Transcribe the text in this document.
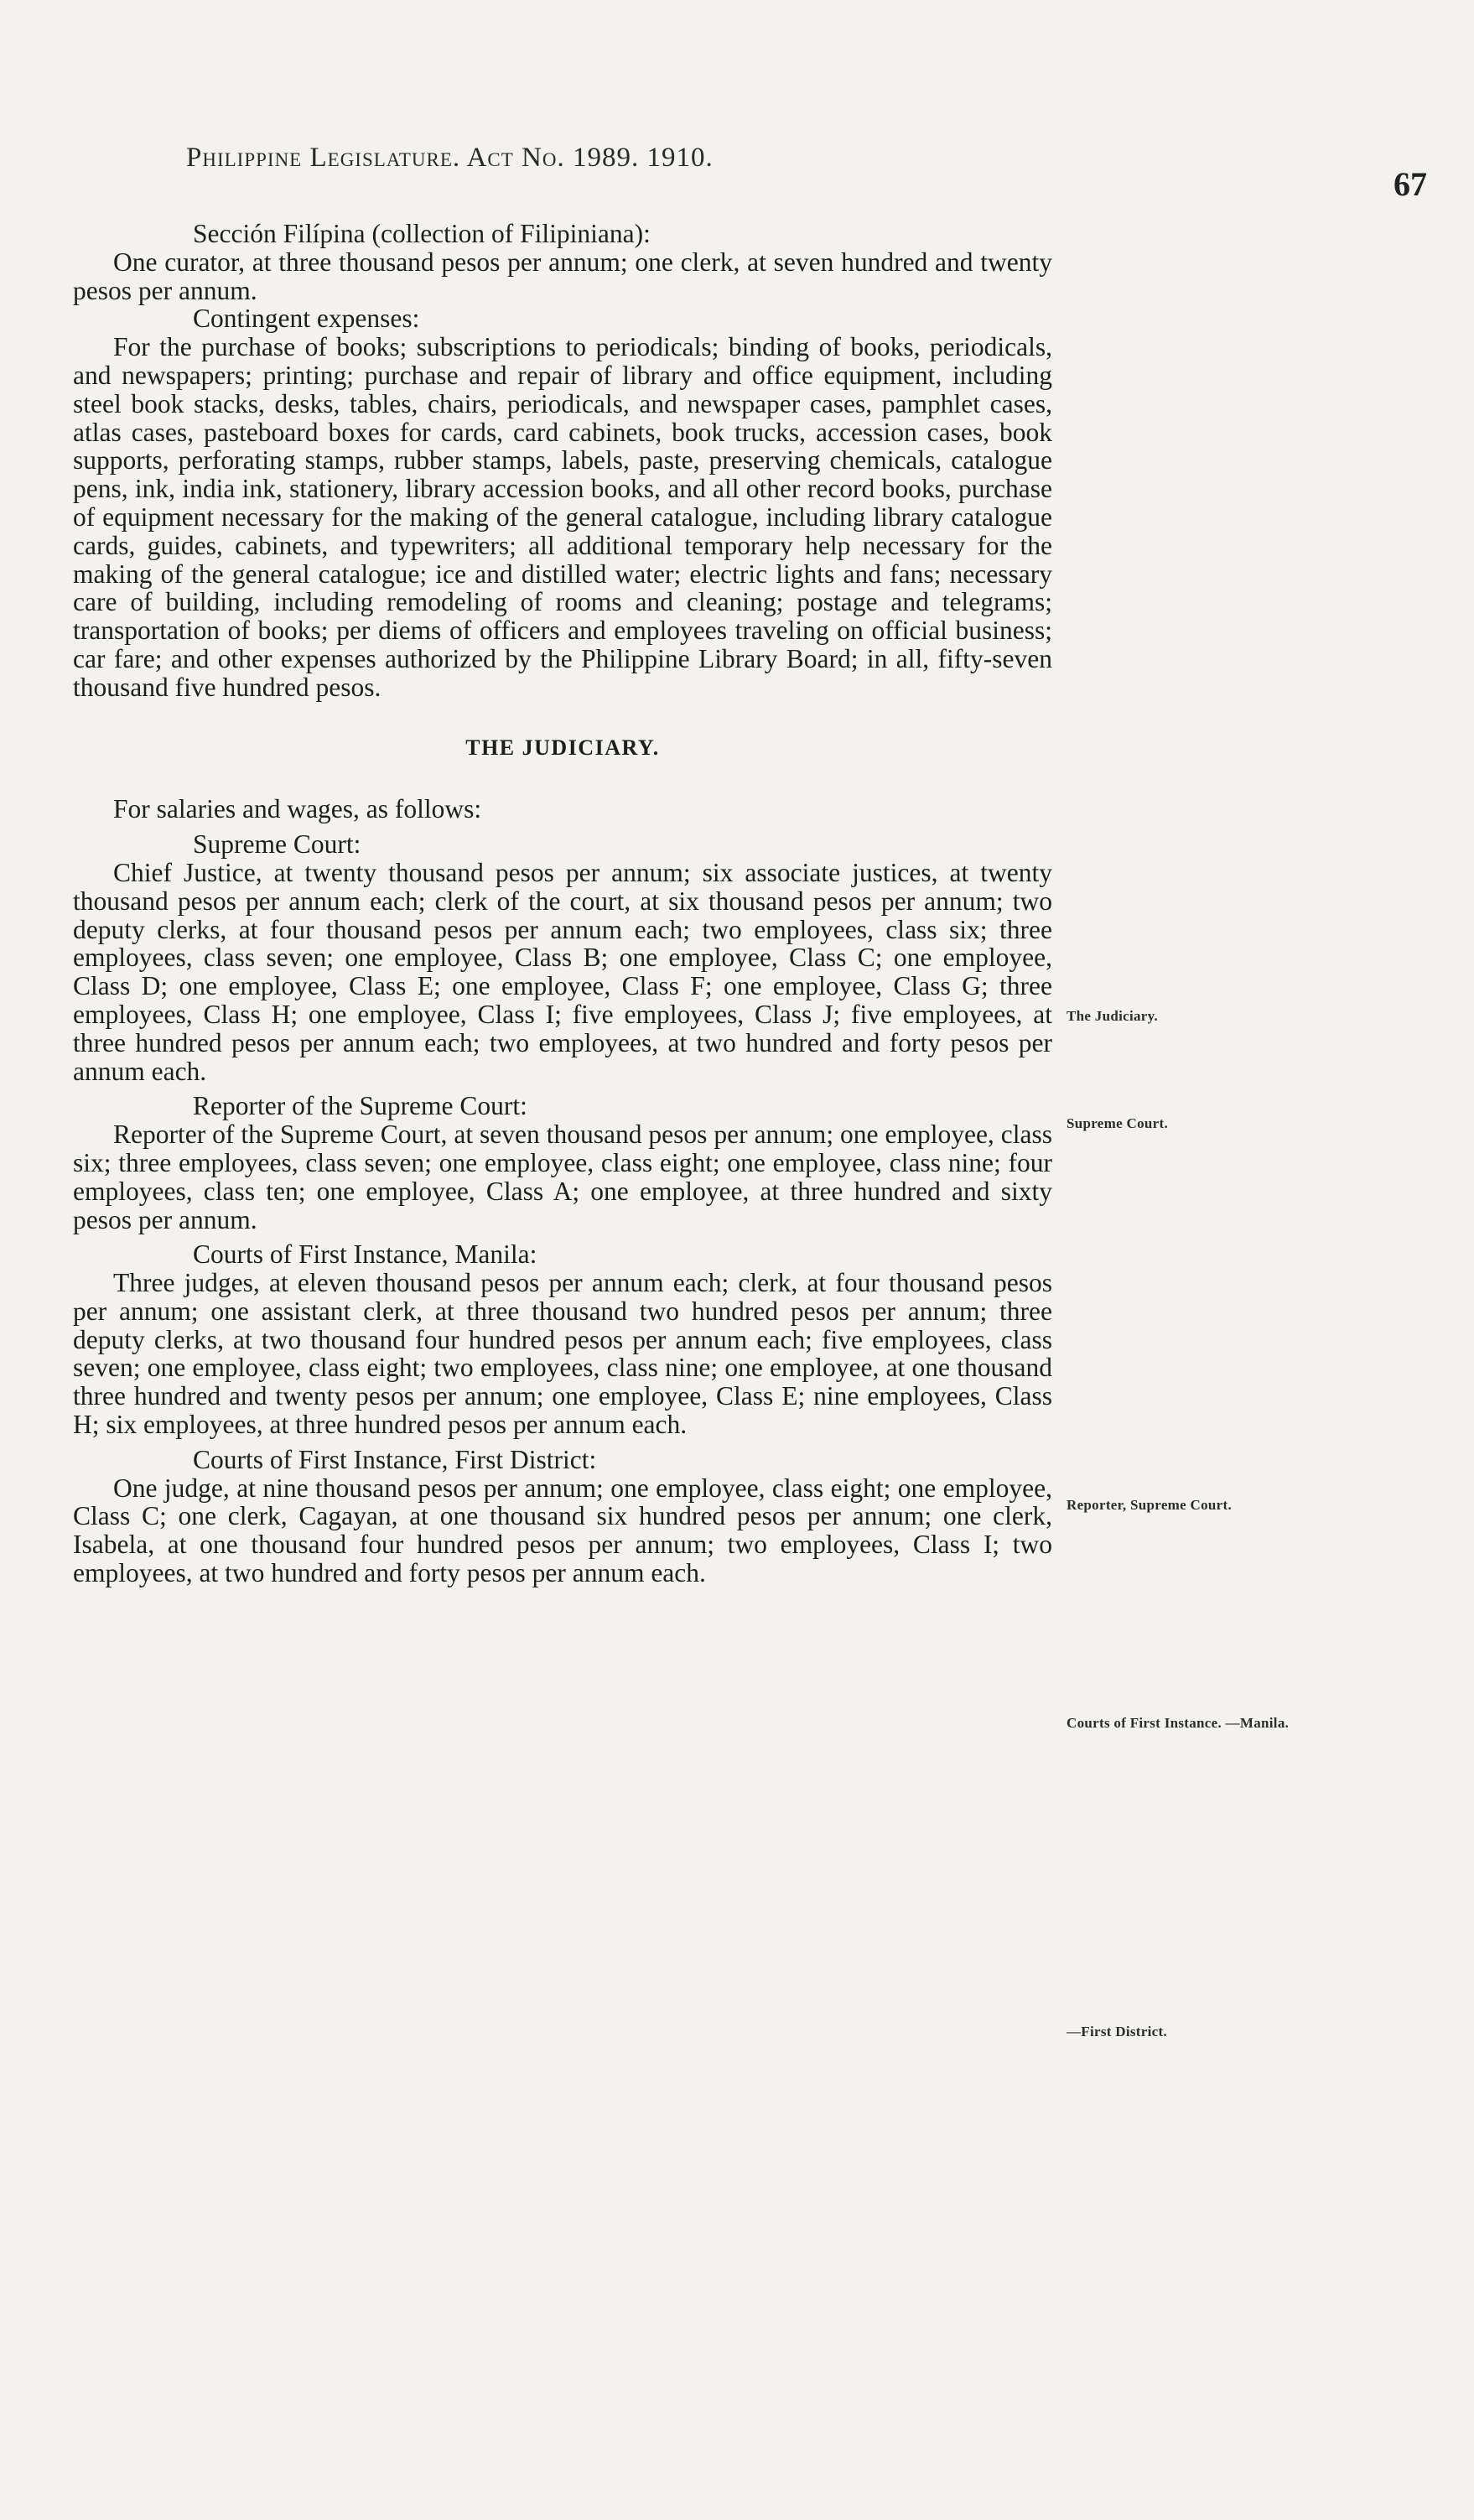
Philippine Legislature. Act No. 1989. 1910.
67

Sección Filípina (collection of Filipiniana):

One curator, at three thousand pesos per annum; one clerk, at seven hundred and twenty pesos per annum.

Contingent expenses:

For the purchase of books; subscriptions to periodicals; binding of books, periodicals, and newspapers; printing; purchase and repair of library and office equipment, including steel book stacks, desks, tables, chairs, periodicals, and newspaper cases, pamphlet cases, atlas cases, pasteboard boxes for cards, card cabinets, book trucks, accession cases, book supports, perforating stamps, rubber stamps, labels, paste, preserving chemicals, catalogue pens, ink, india ink, stationery, library accession books, and all other record books, purchase of equipment necessary for the making of the general catalogue, including library catalogue cards, guides, cabinets, and typewriters; all additional temporary help necessary for the making of the general catalogue; ice and distilled water; electric lights and fans; necessary care of building, including remodeling of rooms and cleaning; postage and telegrams; transportation of books; per diems of officers and employees traveling on official business; car fare; and other expenses authorized by the Philippine Library Board; in all, fifty-seven thousand five hundred pesos.

THE JUDICIARY.

For salaries and wages, as follows:

Supreme Court:

Chief Justice, at twenty thousand pesos per annum; six associate justices, at twenty thousand pesos per annum each; clerk of the court, at six thousand pesos per annum; two deputy clerks, at four thousand pesos per annum each; two employees, class six; three employees, class seven; one employee, Class B; one employee, Class C; one employee, Class D; one employee, Class E; one employee, Class F; one employee, Class G; three employees, Class H; one employee, Class I; five employees, Class J; five employees, at three hundred pesos per annum each; two employees, at two hundred and forty pesos per annum each.

Reporter of the Supreme Court:

Reporter of the Supreme Court, at seven thousand pesos per annum; one employee, class six; three employees, class seven; one employee, class eight; one employee, class nine; four employees, class ten; one employee, Class A; one employee, at three hundred and sixty pesos per annum.

Courts of First Instance, Manila:

Three judges, at eleven thousand pesos per annum each; clerk, at four thousand pesos per annum; one assistant clerk, at three thousand two hundred pesos per annum; three deputy clerks, at two thousand four hundred pesos per annum each; five employees, class seven; one employee, class eight; two employees, class nine; one employee, at one thousand three hundred and twenty pesos per annum; one employee, Class E; nine employees, Class H; six employees, at three hundred pesos per annum each.

Courts of First Instance, First District:

One judge, at nine thousand pesos per annum; one employee, class eight; one employee, Class C; one clerk, Cagayan, at one thousand six hundred pesos per annum; one clerk, Isabela, at one thousand four hundred pesos per annum; two employees, Class I; two employees, at two hundred and forty pesos per annum each.

The Judiciary.
Supreme Court.
Reporter, Supreme Court.
Courts of First Instance. —Manila.
—First District.
